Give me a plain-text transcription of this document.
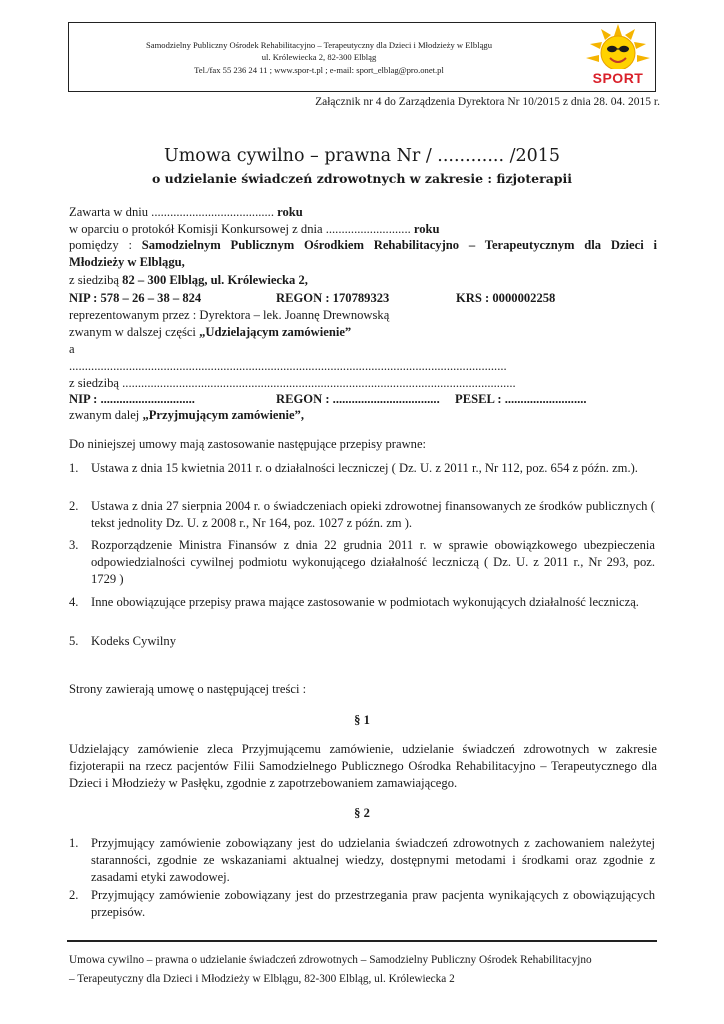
Samodzielny Publiczny Ośrodek Rehabilitacyjno – Terapeutyczny dla Dzieci i Młodzieży w Elblągu
ul. Królewiecka 2, 82-300 Elbląg
Tel./fax 55 236 24 11 ; www.spor-t.pl ; e-mail: sport_elblag@pro.onet.pl
SPORT
Załącznik nr 4 do Zarządzenia Dyrektora Nr 10/2015 z dnia 28. 04. 2015 r.
Umowa cywilno – prawna Nr / ............ /2015
o udzielanie świadczeń zdrowotnych w zakresie : fizjoterapii
Zawarta w dniu ....................................... roku
w oparciu o protokół Komisji Konkursowej z dnia ........................... roku
pomiędzy : Samodzielnym Publicznym Ośrodkiem Rehabilitacyjno – Terapeutycznym dla Dzieci i
Młodzieży w Elblągu,
z siedzibą 82 – 300 Elbląg, ul. Królewiecka 2,
NIP : 578 – 26 – 38 – 824	REGON : 170789323	KRS : 0000002258
reprezentowanym przez : Dyrektora – lek. Joannę Drewnowską
zwanym w dalszej części „Udzielającym zamówienie”
a
...........................................................................................................................................
z siedzibą .............................................................................................................................
NIP : ..............................	REGON : .................................. PESEL : ..........................
zwanym dalej „Przyjmującym zamówienie”,
Do niniejszej umowy mają zastosowanie następujące przepisy prawne:
1. Ustawa z dnia 15 kwietnia 2011 r. o działalności leczniczej ( Dz. U. z 2011 r., Nr 112, poz. 654 z późn. zm.).
2. Ustawa z dnia 27 sierpnia 2004 r. o świadczeniach opieki zdrowotnej finansowanych ze środków publicznych ( tekst jednolity Dz. U. z 2008 r., Nr 164, poz. 1027 z późn. zm ).
3. Rozporządzenie Ministra Finansów z dnia 22 grudnia 2011 r. w sprawie obowiązkowego ubezpieczenia odpowiedzialności cywilnej podmiotu wykonującego działalność leczniczą ( Dz. U. z 2011 r., Nr 293, poz. 1729 )
4. Inne obowiązujące przepisy prawa mające zastosowanie w podmiotach wykonujących działalność leczniczą.
5. Kodeks Cywilny
Strony zawierają umowę o następującej treści :
§ 1
Udzielający zamówienie zleca Przyjmującemu zamówienie, udzielanie świadczeń zdrowotnych w zakresie fizjoterapii na rzecz pacjentów Filii Samodzielnego Publicznego Ośrodka Rehabilitacyjno – Terapeutycznego dla Dzieci i Młodzieży w Pasłęku, zgodnie z zapotrzebowaniem zamawiającego.
§ 2
1. Przyjmujący zamówienie zobowiązany jest do udzielania świadczeń zdrowotnych z zachowaniem należytej staranności, zgodnie ze wskazaniami aktualnej wiedzy, dostępnymi metodami i środkami oraz zgodnie z zasadami etyki zawodowej.
2. Przyjmujący zamówienie zobowiązany jest do przestrzegania praw pacjenta wynikających z obowiązujących przepisów.
Umowa cywilno – prawna o udzielanie świadczeń zdrowotnych – Samodzielny Publiczny Ośrodek Rehabilitacyjno
– Terapeutyczny dla Dzieci i Młodzieży w Elblągu, 82-300 Elbląg, ul. Królewiecka 2
